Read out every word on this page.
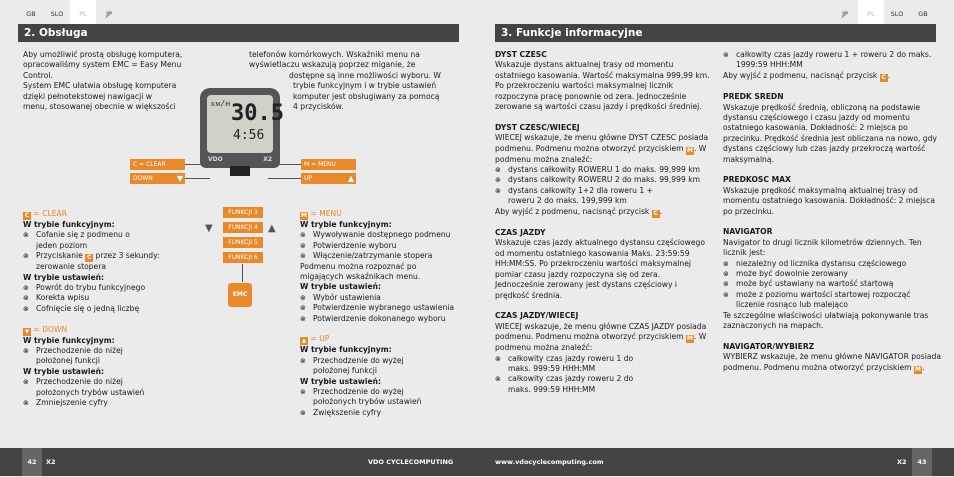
GB	SLO	PL	JP	JP	PL	SLO	GB
2. Obsługa	3. Funkcje informacyjne

Aby umożliwić prostą obsługę komputera,

opracowaliśmy system EMC = Easy Menu Control.

System EMC ułatwia obsługę komputera

dzięki pełnotekstowej nawigacji w

menu, stosowanej obecnie w większości

telefonów komórkowych. Wskaźniki menu na

wyświetlaczu wskazują poprzez miganie, że

dostępne są inne możliwości wyboru. W

trybie funkcyjnym i w trybie ustawień

komputer jest obsługiwany za pomocą

4 przycisków.

ᴋᴍ/ʜ 30.5
4:56
VDO	X2
C = CLEAR
DOWN	▼
M = MENU
UP	▲
FUNKCJI 3
FUNKCJI 4
FUNKCJI 5
FUNKCJI 6
▼	▲
EMC

C = CLEAR

W trybie funkcyjnym:

⊗
Cofanie się z podmenu o jeden poziom
⊗
Przyciskanie C przez 3 sekundy: zerowanie stopera

W trybie ustawień:

⊗
Powrót do trybu funkcyjnego
⊗
Korekta wpisu
⊗
Cofnięcie się o jedną liczbę

▼ = DOWN

W trybie funkcyjnym:

⊗
Przechodzenie do niżej położonej funkcji

W trybie ustawień:

⊗
Przechodzenie do niżej położonych trybów ustawień
⊗
Zmniejszenie cyfry

M = MENU

W trybie funkcyjnym:

⊗
Wywoływanie dostępnego podmenu
⊗
Potwierdzenie wyboru
⊗
Włączenie/zatrzymanie stopera

Podmenu można rozpoznać po migających wskaźnikach menu.

W trybie ustawień:

⊗
Wybór ustawienia
⊗
Potwierdzenie wybranego ustawienia
⊗
Potwierdzenie dokonanego wyboru

▲ = UP

W trybie funkcyjnym:

⊗
Przechodzenie do wyżej położonej funkcji

W trybie ustawień:

⊗
Przechodzenie do wyżej położonych trybów ustawień
⊗
Zwiększenie cyfry

DYST CZESC

Wskazuje dystans aktualnej trasy od momentu ostatniego kasowania. Wartość maksymalna 999,99 km. Po przekroczeniu wartości maksymalnej licznik rozpoczyna pracę ponownie od zera. Jednocześnie zerowane są wartości czasu jazdy i prędkości średniej.

DYST CZESC/WIECEJ

WIECEJ wskazuje, że menu główne DYST CZESC posiada podmenu. Podmenu można otworzyć przyciskiem M. W podmenu można znaleźć:

⊗
dystans całkowity ROWERU 1 do maks. 99,999 km
⊗
dystans całkowity ROWERU 2 do maks. 99,999 km
⊗
dystans całkowity 1+2 dla roweru 1 + roweru 2 do maks. 199,999 km

Aby wyjść z podmenu, nacisnąć przycisk C .

CZAS JAZDY

Wskazuje czas jazdy aktualnego dystansu częściowego od momentu ostatniego kasowania Maks. 23:59:59 HH:MM:SS. Po przekroczeniu wartości maksymalnej pomiar czasu jazdy rozpoczyna się od zera. Jednocześnie zerowany jest dystans częściowy i prędkość średnia.

CZAS JAZDY/WIECEJ

WIECEJ wskazuje, że menu główne CZAS JAZDY posiada podmenu. Podmenu można otworzyć przyciskiem M. W podmenu można znaleźć:

⊗
całkowity czas jazdy roweru 1 do maks. 999:59 HHH:MM
⊗
całkowity czas jazdy roweru 2 do maks. 999:59 HHH:MM
⊗
całkowity czas jazdy roweru 1 + roweru 2 do maks. 1999:59 HHH:MM

Aby wyjść z podmenu, nacisnąć przycisk C .

PREDK SREDN

Wskazuje prędkość średnią, obliczoną na podstawie dystansu częściowego i czasu jazdy od momentu ostatniego kasowania. Dokładność: 2 miejsca po przecinku. Prędkość średnia jest obliczana na nowo, gdy dystans częściowy lub czas jazdy przekroczą wartość maksymalną.

PREDKOSC MAX

Wskazuje prędkość maksymalną aktualnej trasy od momentu ostatniego kasowania. Dokładność: 2 miejsca po przecinku.

NAVIGATOR

Navigator to drugi licznik kilometrów dziennych. Ten licznik jest:

⊗
niezależny od licznika dystansu częściowego
⊗
może być dowolnie zerowany
⊗
może być ustawiany na wartość startową
⊗
może z poziomu wartości startowej rozpocząć liczenie rosnąco lub malejąco

Te szczególne właściwości ułatwiają pokonywanie tras zaznaczonych na mapach.

NAVIGATOR/WYBIERZ

WYBIERZ wskazuje, że menu główne NAVIGATOR posiada podmenu. Podmenu można otworzyć przyciskiem M.

42	X2	VDO CYCLECOMPUTING	www.vdocyclecomputing.com	X2	43
